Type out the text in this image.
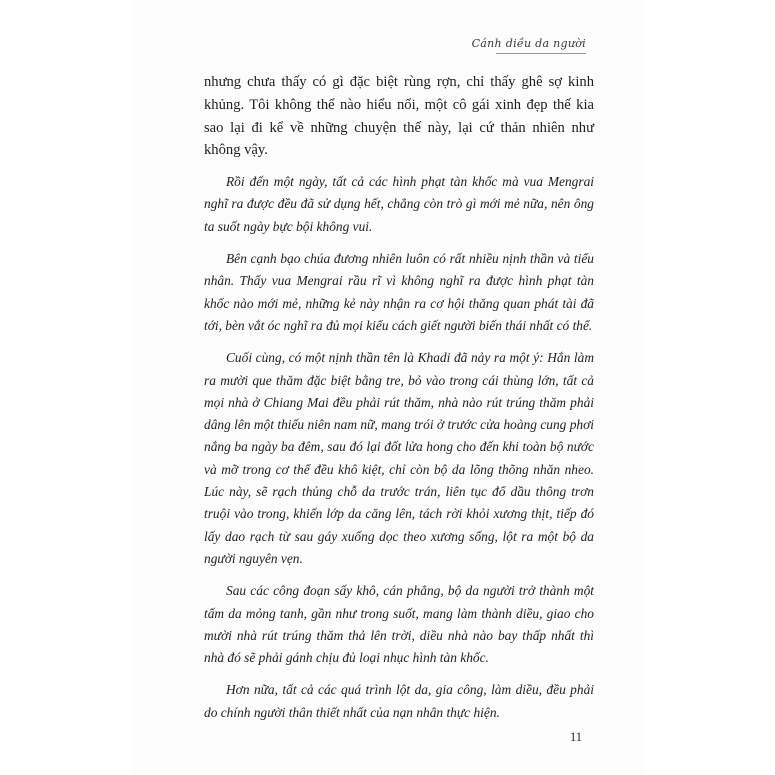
Cánh diều da người

nhưng chưa thấy có gì đặc biệt rùng rợn, chỉ thấy ghê sợ kinh khủng. Tôi không thể nào hiểu nổi, một cô gái xinh đẹp thế kia sao lại đi kể về những chuyện thế này, lại cứ thản nhiên như không vậy.

Rồi đến một ngày, tất cả các hình phạt tàn khốc mà vua Mengrai nghĩ ra được đều đã sử dụng hết, chẳng còn trò gì mới mẻ nữa, nên ông ta suốt ngày bực bội không vui.

Bên cạnh bạo chúa đương nhiên luôn có rất nhiều nịnh thần và tiểu nhân. Thấy vua Mengrai rầu rĩ vì không nghĩ ra được hình phạt tàn khốc nào mới mẻ, những kẻ này nhận ra cơ hội thăng quan phát tài đã tới, bèn vắt óc nghĩ ra đủ mọi kiểu cách giết người biến thái nhất có thể.

Cuối cùng, có một nịnh thần tên là Khadi đã nảy ra một ý: Hắn làm ra mười que thăm đặc biệt bằng tre, bỏ vào trong cái thùng lớn, tất cả mọi nhà ở Chiang Mai đều phải rút thăm, nhà nào rút trúng thăm phải dâng lên một thiếu niên nam nữ, mang trói ở trước cửa hoàng cung phơi nắng ba ngày ba đêm, sau đó lại đốt lửa hong cho đến khi toàn bộ nước và mỡ trong cơ thể đều khô kiệt, chỉ còn bộ da lõng thõng nhăn nheo. Lúc này, sẽ rạch thủng chỗ da trước trán, liên tục đổ dầu thông trơn truội vào trong, khiến lớp da căng lên, tách rời khỏi xương thịt, tiếp đó lấy dao rạch từ sau gáy xuống dọc theo xương sống, lột ra một bộ da người nguyên vẹn.

Sau các công đoạn sấy khô, cán phẳng, bộ da người trở thành một tấm da mỏng tanh, gần như trong suốt, mang làm thành diều, giao cho mười nhà rút trúng thăm thả lên trời, diều nhà nào bay thấp nhất thì nhà đó sẽ phải gánh chịu đủ loại nhục hình tàn khốc.

Hơn nữa, tất cả các quá trình lột da, gia công, làm diều, đều phải do chính người thân thiết nhất của nạn nhân thực hiện.

11
